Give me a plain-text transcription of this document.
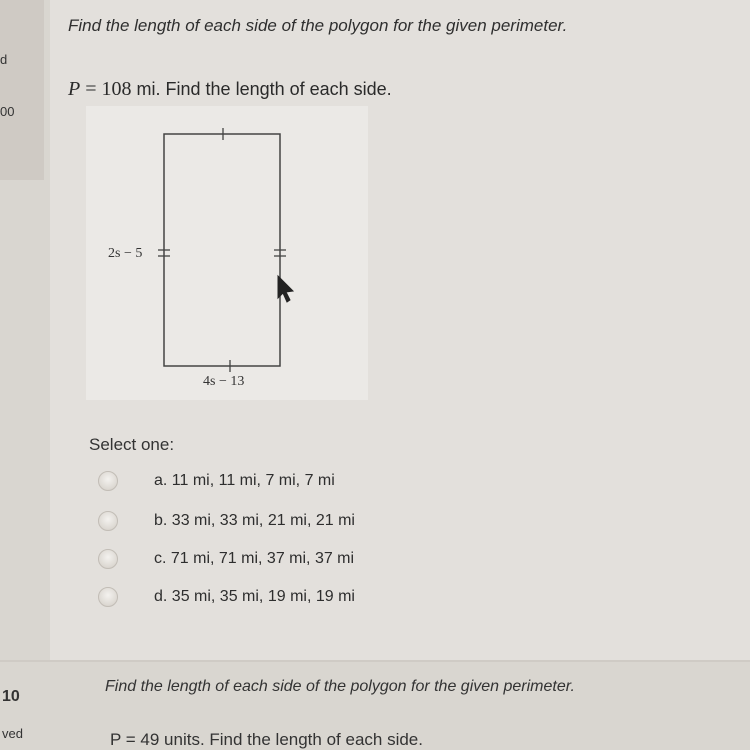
d
00
Find the length of each side of the polygon for the given perimeter.
P = 108 mi. Find the length of each side.
2s − 5
4s − 13
Select one:
a. 11 mi, 11 mi, 7 mi, 7 mi
b. 33 mi, 33 mi, 21 mi, 21 mi
c. 71 mi, 71 mi, 37 mi, 37 mi
d. 35 mi, 35 mi, 19 mi, 19 mi
10
ved
Find the length of each side of the polygon for the given perimeter.
P = 49 units. Find the length of each side.
